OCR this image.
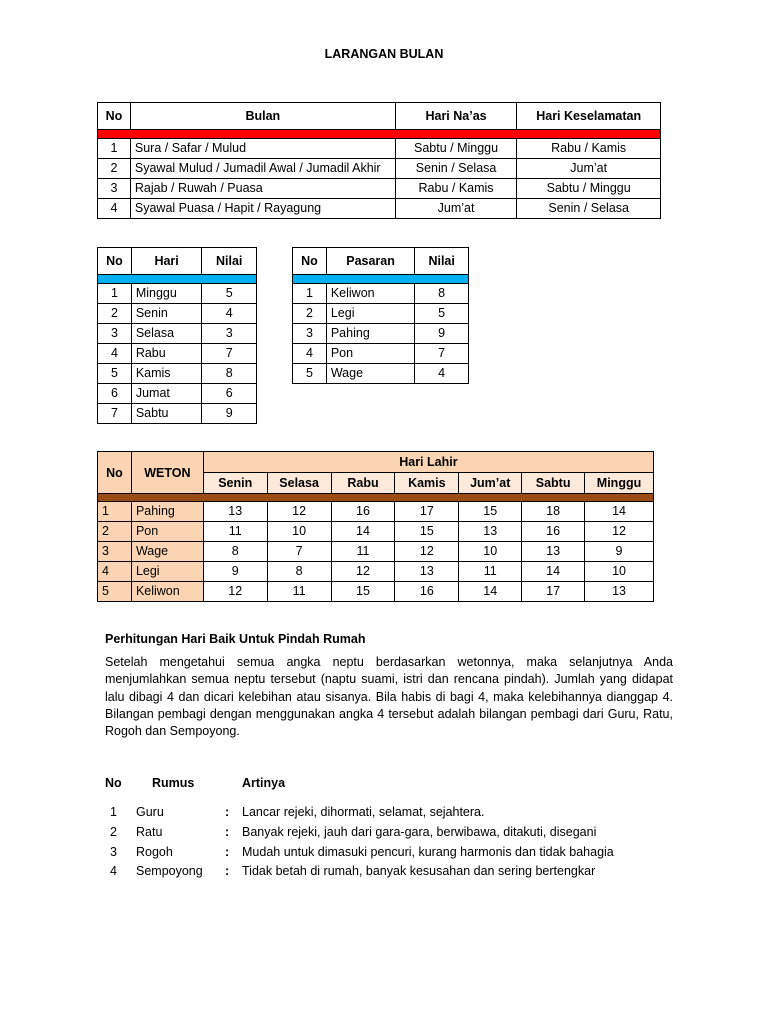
LARANGAN BULAN
No	Bulan	Hari Na’as	Hari Keselamatan

1	Sura / Safar / Mulud	Sabtu / Minggu	Rabu / Kamis
2	Syawal Mulud / Jumadil Awal / Jumadil Akhir	Senin / Selasa	Jum’at
3	Rajab / Ruwah / Puasa	Rabu / Kamis	Sabtu / Minggu
4	Syawal Puasa / Hapit / Rayagung	Jum’at	Senin / Selasa
No	Hari	Nilai

1	Minggu	5
2	Senin	4
3	Selasa	3
4	Rabu	7
5	Kamis	8
6	Jumat	6
7	Sabtu	9
No	Pasaran	Nilai

1	Keliwon	8
2	Legi	5
3	Pahing	9
4	Pon	7
5	Wage	4
No	WETON	Hari Lahir						
		Senin	Selasa	Rabu	Kamis	Jum’at	Sabtu	Minggu

1	Pahing	13	12	16	17	15	18	14
2	Pon	11	10	14	15	13	16	12
3	Wage	8	7	11	12	10	13	9
4	Legi	9	8	12	13	11	14	10
5	Keliwon	12	11	15	16	14	17	13
Perhitungan Hari Baik Untuk Pindah Rumah
Setelah mengetahui semua angka neptu berdasarkan wetonnya, maka selanjutnya Anda menjumlahkan semua neptu tersebut (naptu suami, istri dan rencana pindah). Jumlah yang didapat lalu dibagi 4 dan dicari kelebihan atau sisanya. Bila habis di bagi 4, maka kelebihannya dianggap 4. Bilangan pembagi dengan menggunakan angka 4 tersebut adalah bilangan pembagi dari Guru, Ratu, Rogoh dan Sempoyong.
No Rumus	Artinya
1 Guru	: Lancar rejeki, dihormati, selamat, sejahtera.
2 Ratu	: Banyak rejeki, jauh dari gara-gara, berwibawa, ditakuti, disegani
3 Rogoh	: Mudah untuk dimasuki pencuri, kurang harmonis dan tidak bahagia
4 Sempoyong : Tidak betah di rumah, banyak kesusahan dan sering bertengkar
